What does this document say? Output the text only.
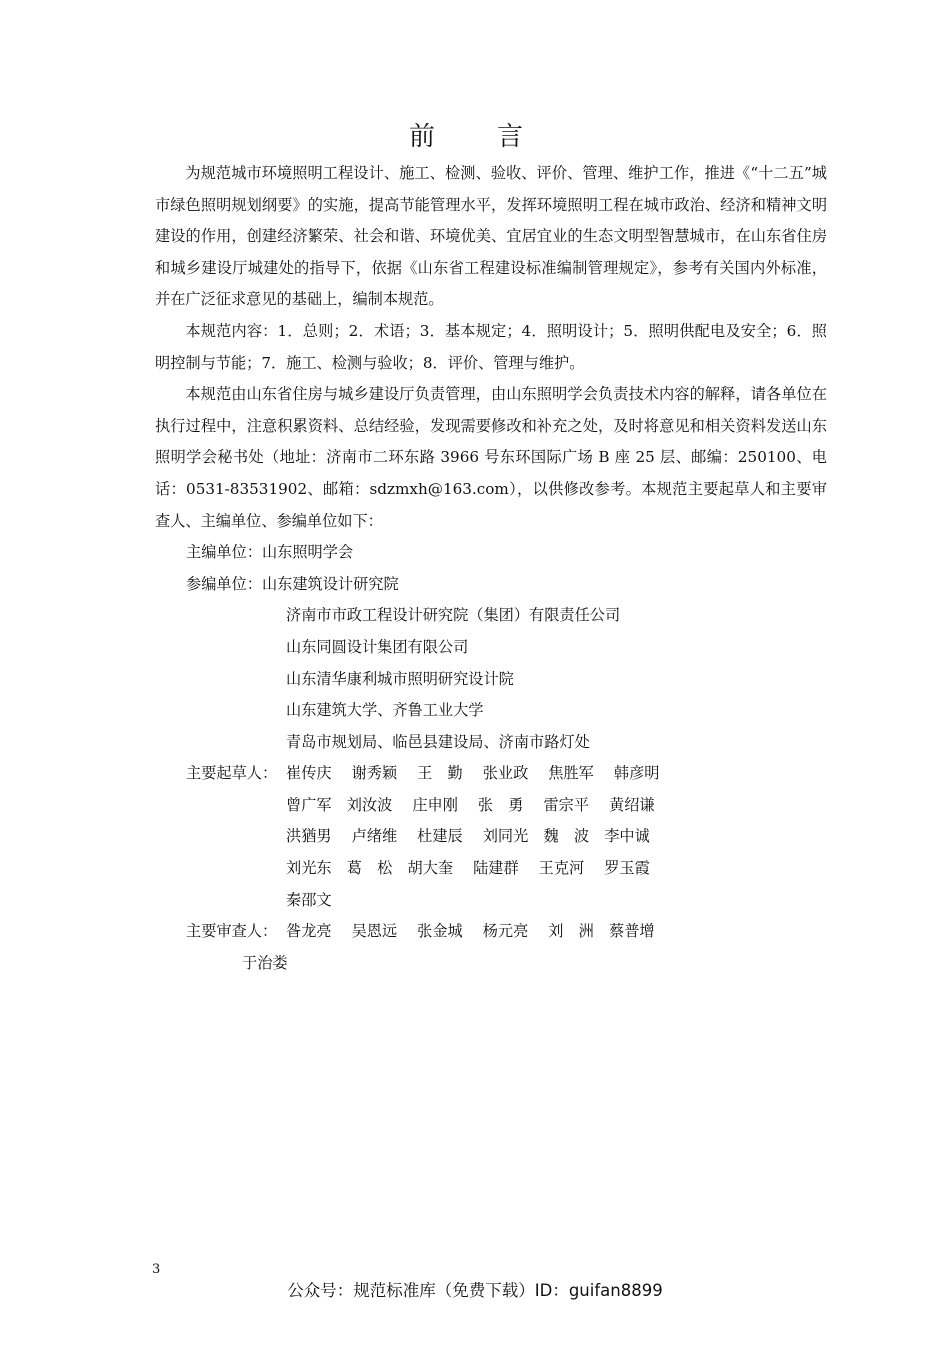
前　言

为规范城市环境照明工程设计、施工、检测、验收、评价、管理、维护工作，推进《“十二五”城市绿色照明规划纲要》的实施，提高节能管理水平，发挥环境照明工程在城市政治、经济和精神文明建设的作用，创建经济繁荣、社会和谐、环境优美、宜居宜业的生态文明型智慧城市，在山东省住房和城乡建设厅城建处的指导下，依据《山东省工程建设标准编制管理规定》，参考有关国内外标准，并在广泛征求意见的基础上，编制本规范。

本规范内容：1．总则；2．术语；3．基本规定；4．照明设计；5．照明供配电及安全；6．照明控制与节能；7．施工、检测与验收；8．评价、管理与维护。

本规范由山东省住房与城乡建设厅负责管理，由山东照明学会负责技术内容的解释，请各单位在执行过程中，注意积累资料、总结经验，发现需要修改和补充之处，及时将意见和相关资料发送山东照明学会秘书处（地址：济南市二环东路 3966 号东环国际广场 B 座 25 层、邮编：250100、电话：0531-83531902、邮箱：sdzmxh@163.com），以供修改参考。本规范主要起草人和主要审查人、主编单位、参编单位如下：

主编单位： 山东照明学会
参编单位： 山东建筑设计研究院
济南市市政工程设计研究院（集团）有限责任公司
山东同圆设计集团有限公司
山东清华康利城市照明研究设计院
山东建筑大学、齐鲁工业大学
青岛市规划局、临邑县建设局、济南市路灯处
主要起草人： 崔传庆　 谢秀颖　 王　勤　 张业政　 焦胜军　 韩彦明
曾广军　刘汝波　 庄申刚　 张　勇　 雷宗平　 黄绍谦
洪猶男　 卢绪维　 杜建辰　 刘同光　魏　波　李中诚
刘光东　葛　松　胡大奎　 陆建群　 王克河　 罗玉霞
秦邵文
主要审查人： 昝龙亮　 吴恩远　 张金城　 杨元亮　 刘　洲　蔡普增
于治娄
3
公众号：规范标准库（免费下载）ID：guifan8899
